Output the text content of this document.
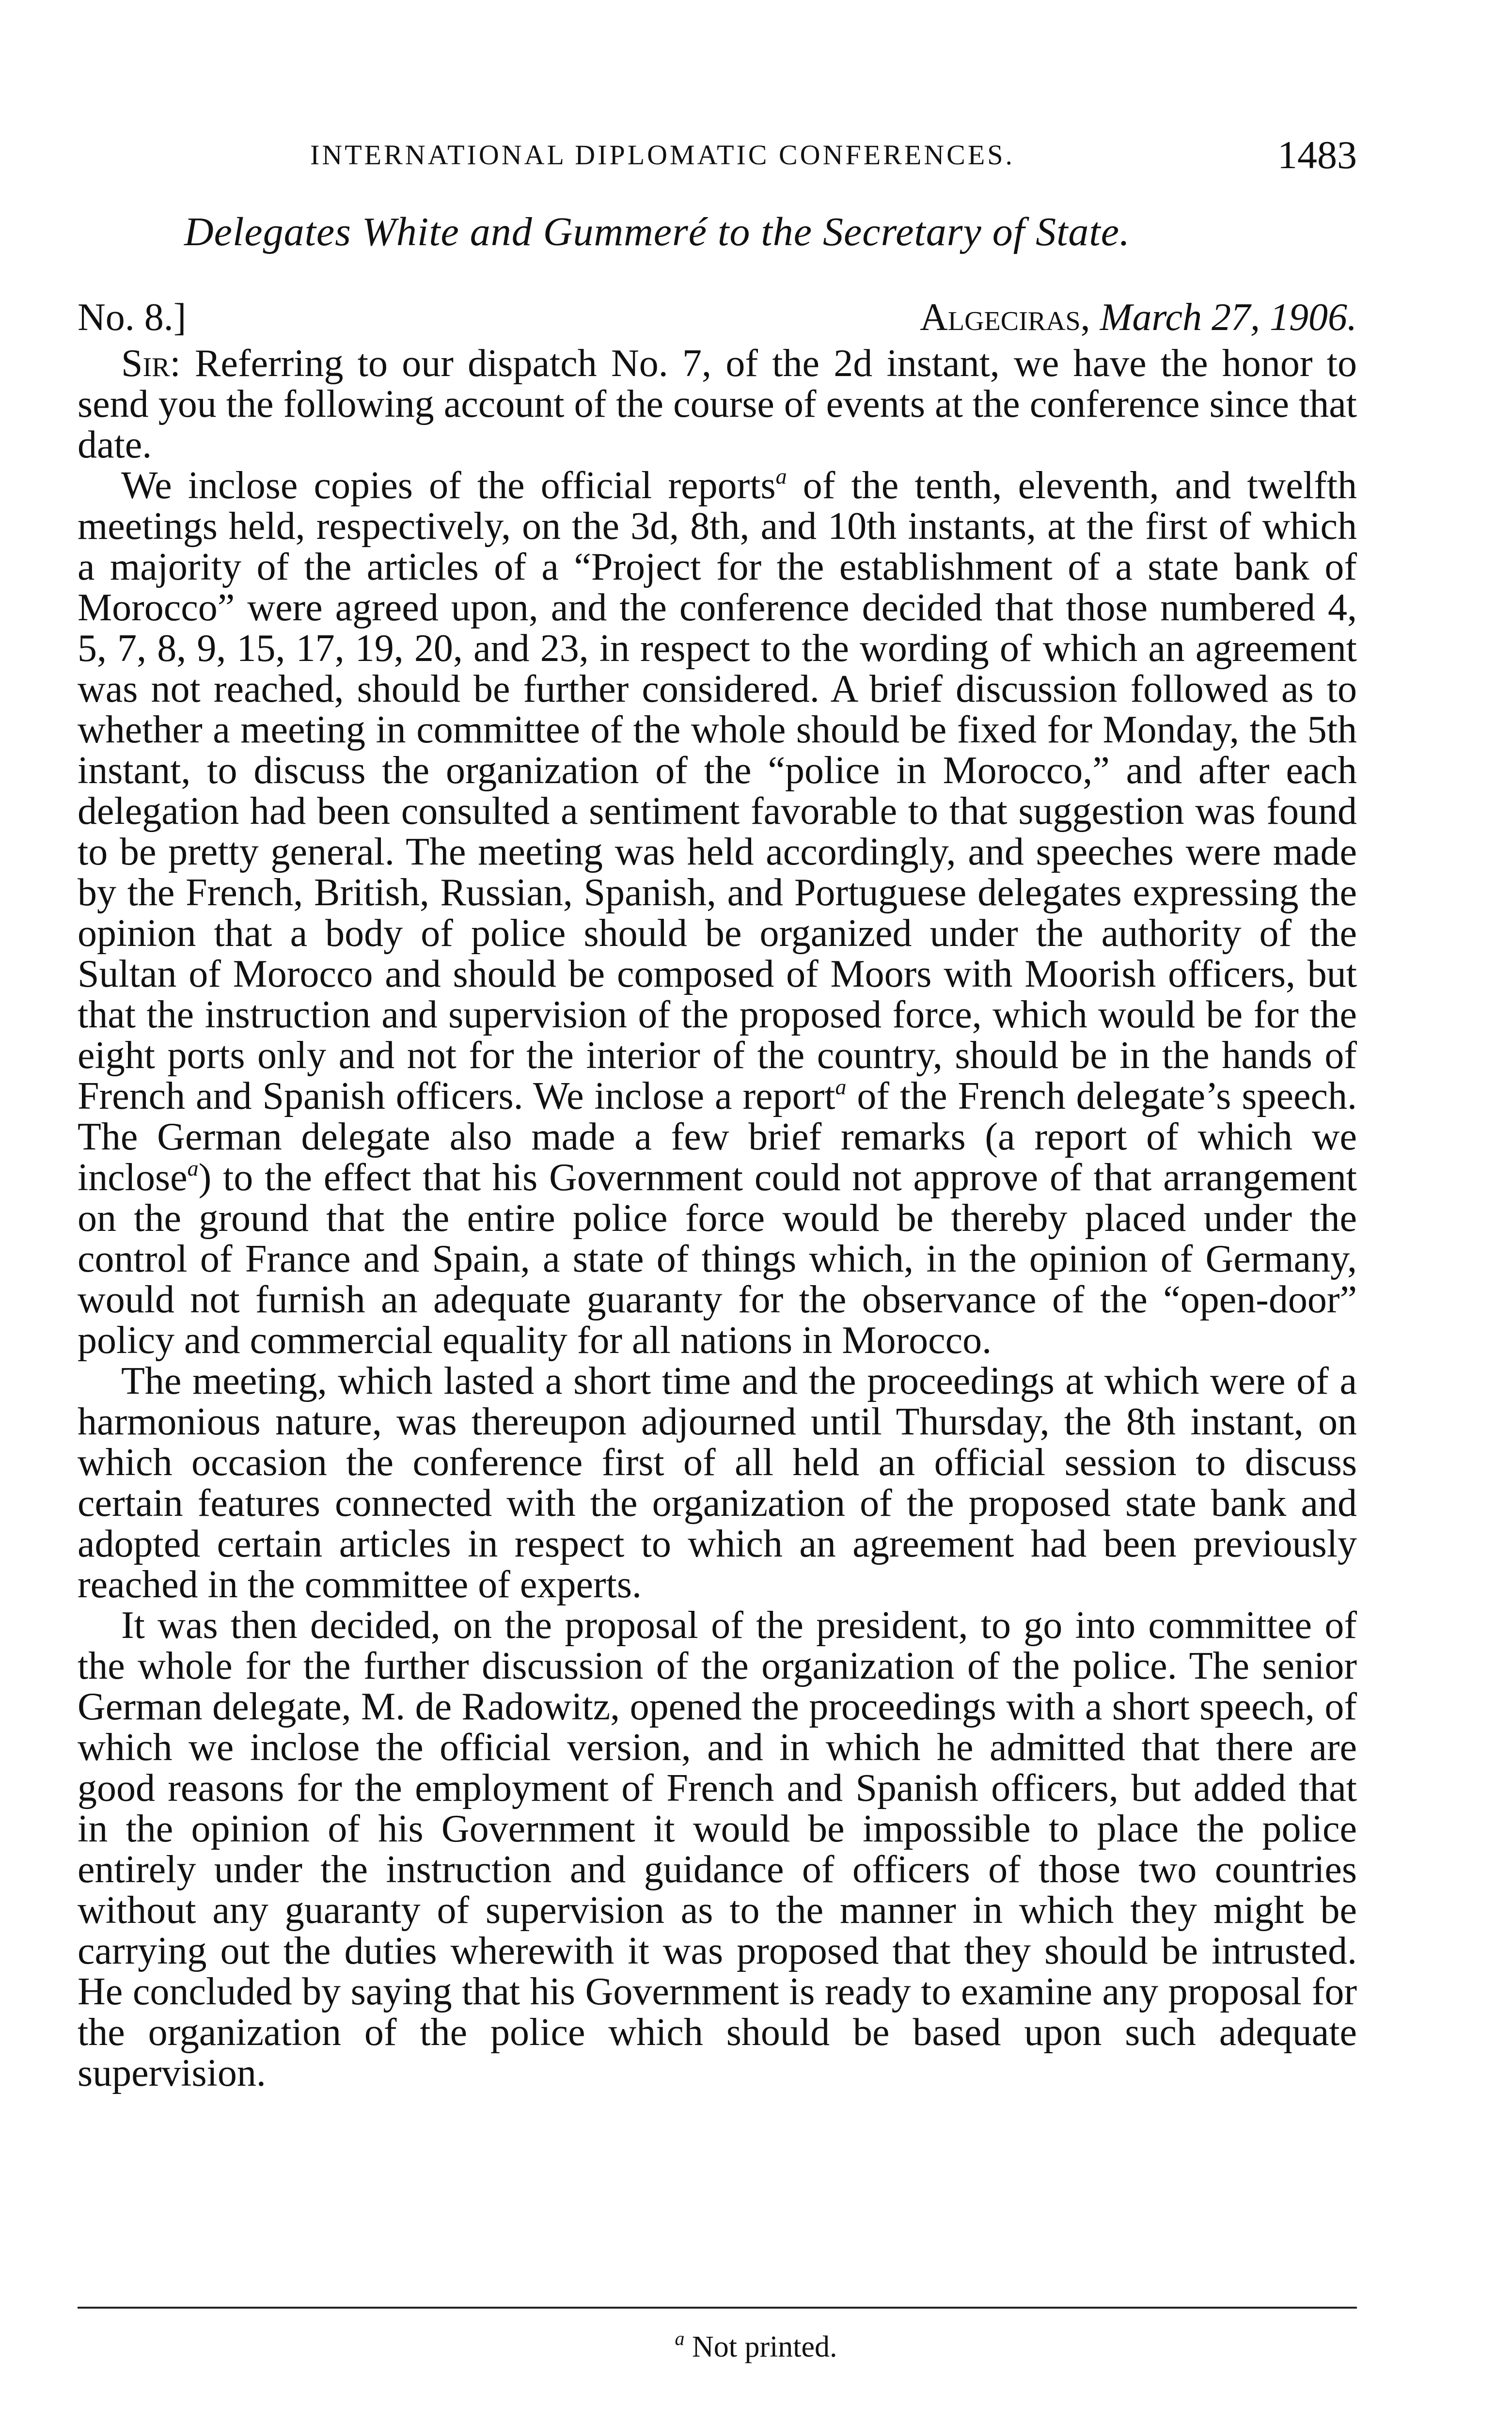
INTERNATIONAL DIPLOMATIC CONFERENCES.	1483
Delegates White and Gummeré to the Secretary of State.
No. 8.]	Algeciras, March 27, 1906.

Sir: Referring to our dispatch No. 7, of the 2d instant, we have the honor to send you the following account of the course of events at the conference since that date.

We inclose copies of the official reports$^a$ of the tenth, eleventh, and twelfth meetings held, respectively, on the 3d, 8th, and 10th instants, at the first of which a majority of the articles of a “Project for the establishment of a state bank of Morocco” were agreed upon, and the conference decided that those numbered 4, 5, 7, 8, 9, 15, 17, 19, 20, and 23, in respect to the wording of which an agreement was not reached, should be further considered. A brief discussion followed as to whether a meeting in committee of the whole should be fixed for Monday, the 5th instant, to discuss the organization of the “police in Morocco,” and after each delegation had been consulted a sentiment favorable to that suggestion was found to be pretty general. The meeting was held accordingly, and speeches were made by the French, British, Russian, Spanish, and Portuguese delegates expressing the opinion that a body of police should be organized under the authority of the Sultan of Morocco and should be composed of Moors with Moorish officers, but that the instruction and supervision of the proposed force, which would be for the eight ports only and not for the interior of the country, should be in the hands of French and Spanish officers. We inclose a report$^a$ of the French delegate’s speech. The German delegate also made a few brief remarks (a report of which we inclose$^a$) to the effect that his Government could not approve of that arrangement on the ground that the entire police force would be thereby placed under the control of France and Spain, a state of things which, in the opinion of Germany, would not furnish an adequate guaranty for the observance of the “open-door” policy and commercial equality for all nations in Morocco.

The meeting, which lasted a short time and the proceedings at which were of a harmonious nature, was thereupon adjourned until Thursday, the 8th instant, on which occasion the conference first of all held an official session to discuss certain features connected with the organization of the proposed state bank and adopted certain articles in respect to which an agreement had been previously reached in the committee of experts.

It was then decided, on the proposal of the president, to go into committee of the whole for the further discussion of the organization of the police. The senior German delegate, M. de Radowitz, opened the proceedings with a short speech, of which we inclose the official version, and in which he admitted that there are good reasons for the employment of French and Spanish officers, but added that in the opinion of his Government it would be impossible to place the police entirely under the instruction and guidance of officers of those two countries without any guaranty of supervision as to the manner in which they might be carrying out the duties wherewith it was proposed that they should be intrusted. He concluded by saying that his Government is ready to examine any proposal for the organization of the police which should be based upon such adequate supervision.

$^a$ Not printed.
